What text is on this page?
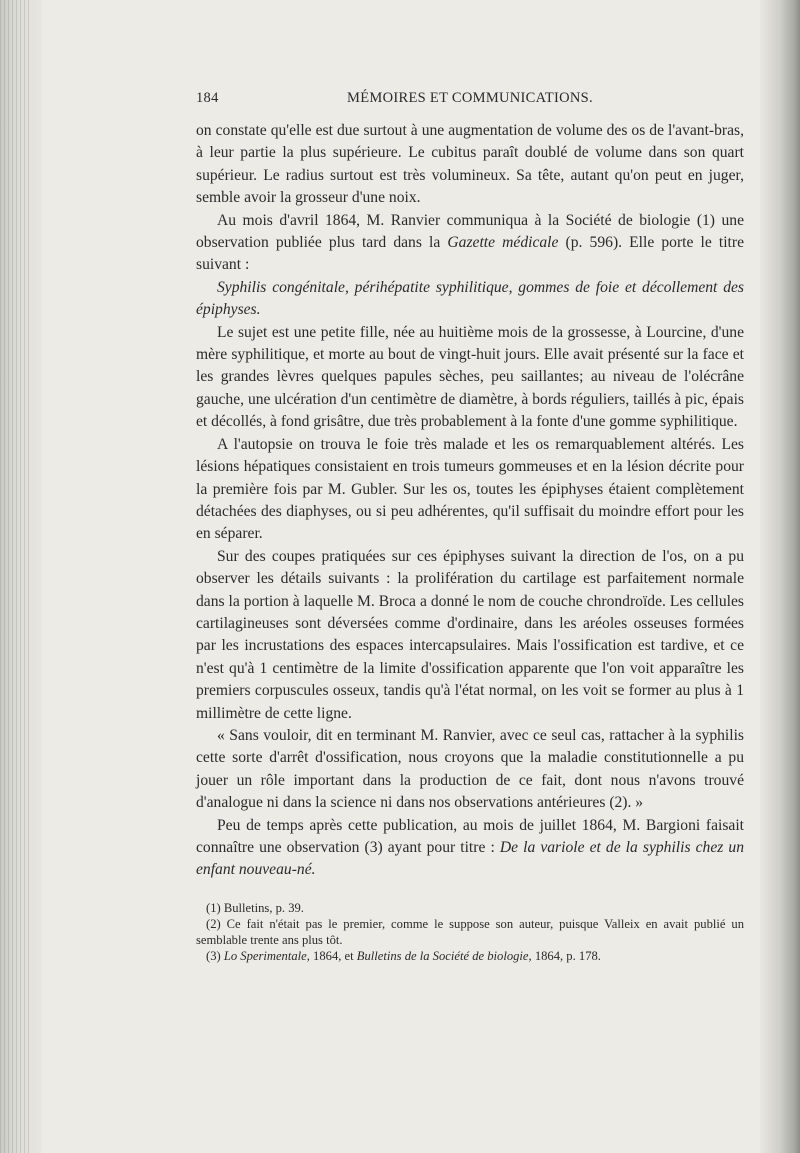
184	MÉMOIRES ET COMMUNICATIONS.

on constate qu'elle est due surtout à une augmentation de volume des os de l'avant-bras, à leur partie la plus supérieure. Le cubitus paraît doublé de volume dans son quart supérieur. Le radius surtout est très volumineux. Sa tête, autant qu'on peut en juger, semble avoir la grosseur d'une noix.

Au mois d'avril 1864, M. Ranvier communiqua à la Société de biologie (1) une observation publiée plus tard dans la Gazette médicale (p. 596). Elle porte le titre suivant :

Syphilis congénitale, périhépatite syphilitique, gommes de foie et décollement des épiphyses.

Le sujet est une petite fille, née au huitième mois de la grossesse, à Lourcine, d'une mère syphilitique, et morte au bout de vingt-huit jours. Elle avait présenté sur la face et les grandes lèvres quelques papules sèches, peu saillantes; au niveau de l'olécrâne gauche, une ulcération d'un centimètre de diamètre, à bords réguliers, taillés à pic, épais et décollés, à fond grisâtre, due très probablement à la fonte d'une gomme syphilitique.

A l'autopsie on trouva le foie très malade et les os remarquablement altérés. Les lésions hépatiques consistaient en trois tumeurs gommeuses et en la lésion décrite pour la première fois par M. Gubler. Sur les os, toutes les épiphyses étaient complètement détachées des diaphyses, ou si peu adhérentes, qu'il suffisait du moindre effort pour les en séparer.

Sur des coupes pratiquées sur ces épiphyses suivant la direction de l'os, on a pu observer les détails suivants : la prolifération du cartilage est parfaitement normale dans la portion à laquelle M. Broca a donné le nom de couche chrondroïde. Les cellules cartilagineuses sont déversées comme d'ordinaire, dans les aréoles osseuses formées par les incrustations des espaces intercapsulaires. Mais l'ossification est tardive, et ce n'est qu'à 1 centimètre de la limite d'ossification apparente que l'on voit apparaître les premiers corpuscules osseux, tandis qu'à l'état normal, on les voit se former au plus à 1 millimètre de cette ligne.

« Sans vouloir, dit en terminant M. Ranvier, avec ce seul cas, rattacher à la syphilis cette sorte d'arrêt d'ossification, nous croyons que la maladie constitutionnelle a pu jouer un rôle important dans la production de ce fait, dont nous n'avons trouvé d'analogue ni dans la science ni dans nos observations antérieures (2). »

Peu de temps après cette publication, au mois de juillet 1864, M. Bargioni faisait connaître une observation (3) ayant pour titre : De la variole et de la syphilis chez un enfant nouveau-né.

(1) Bulletins, p. 39.

(2) Ce fait n'était pas le premier, comme le suppose son auteur, puisque Valleix en avait publié un semblable trente ans plus tôt.

(3) Lo Sperimentale, 1864, et Bulletins de la Société de biologie, 1864, p. 178.
